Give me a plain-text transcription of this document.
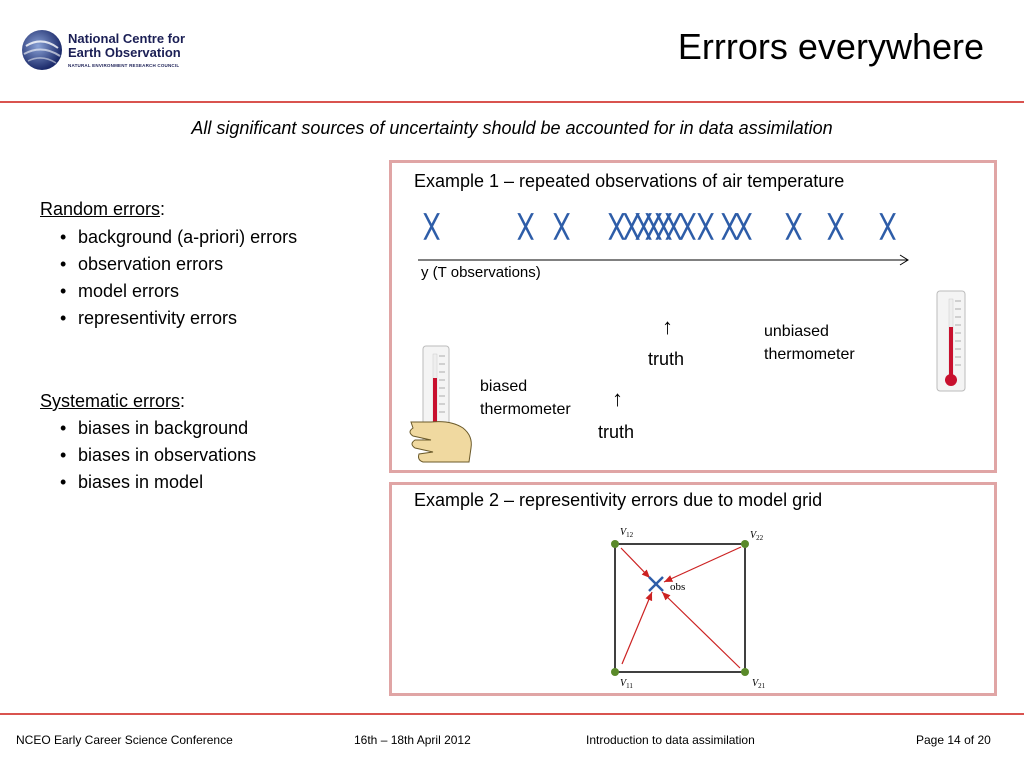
National Centre for
Earth Observation
NATURAL ENVIRONMENT RESEARCH COUNCIL	Errrors everywhere
All significant sources of uncertainty should be accounted for in data assimilation
Random errors:
• background (a-priori) errors
• observation errors
• model errors
• representivity errors
Systematic errors:
• biases in background
• biases in observations
• biases in model
Example 1 – repeated observations of air temperature
╳	╳ ╳ ╳ ╳
╳
╳
╳
╳ ╳ ╳ ╳ ╳ ╳ ╳ ╳
y (T observations)
↑
truth
unbiased
thermometer
↑
truth
biased
thermometer
Example 2 – representivity errors due to model grid
$V_{12}$	$V_{22}$
$V_{11}$	$V_{21}$
obs
NCEO Early Career Science Conference	16th – 18th April 2012	Introduction to data assimilation	Page 14 of 20
